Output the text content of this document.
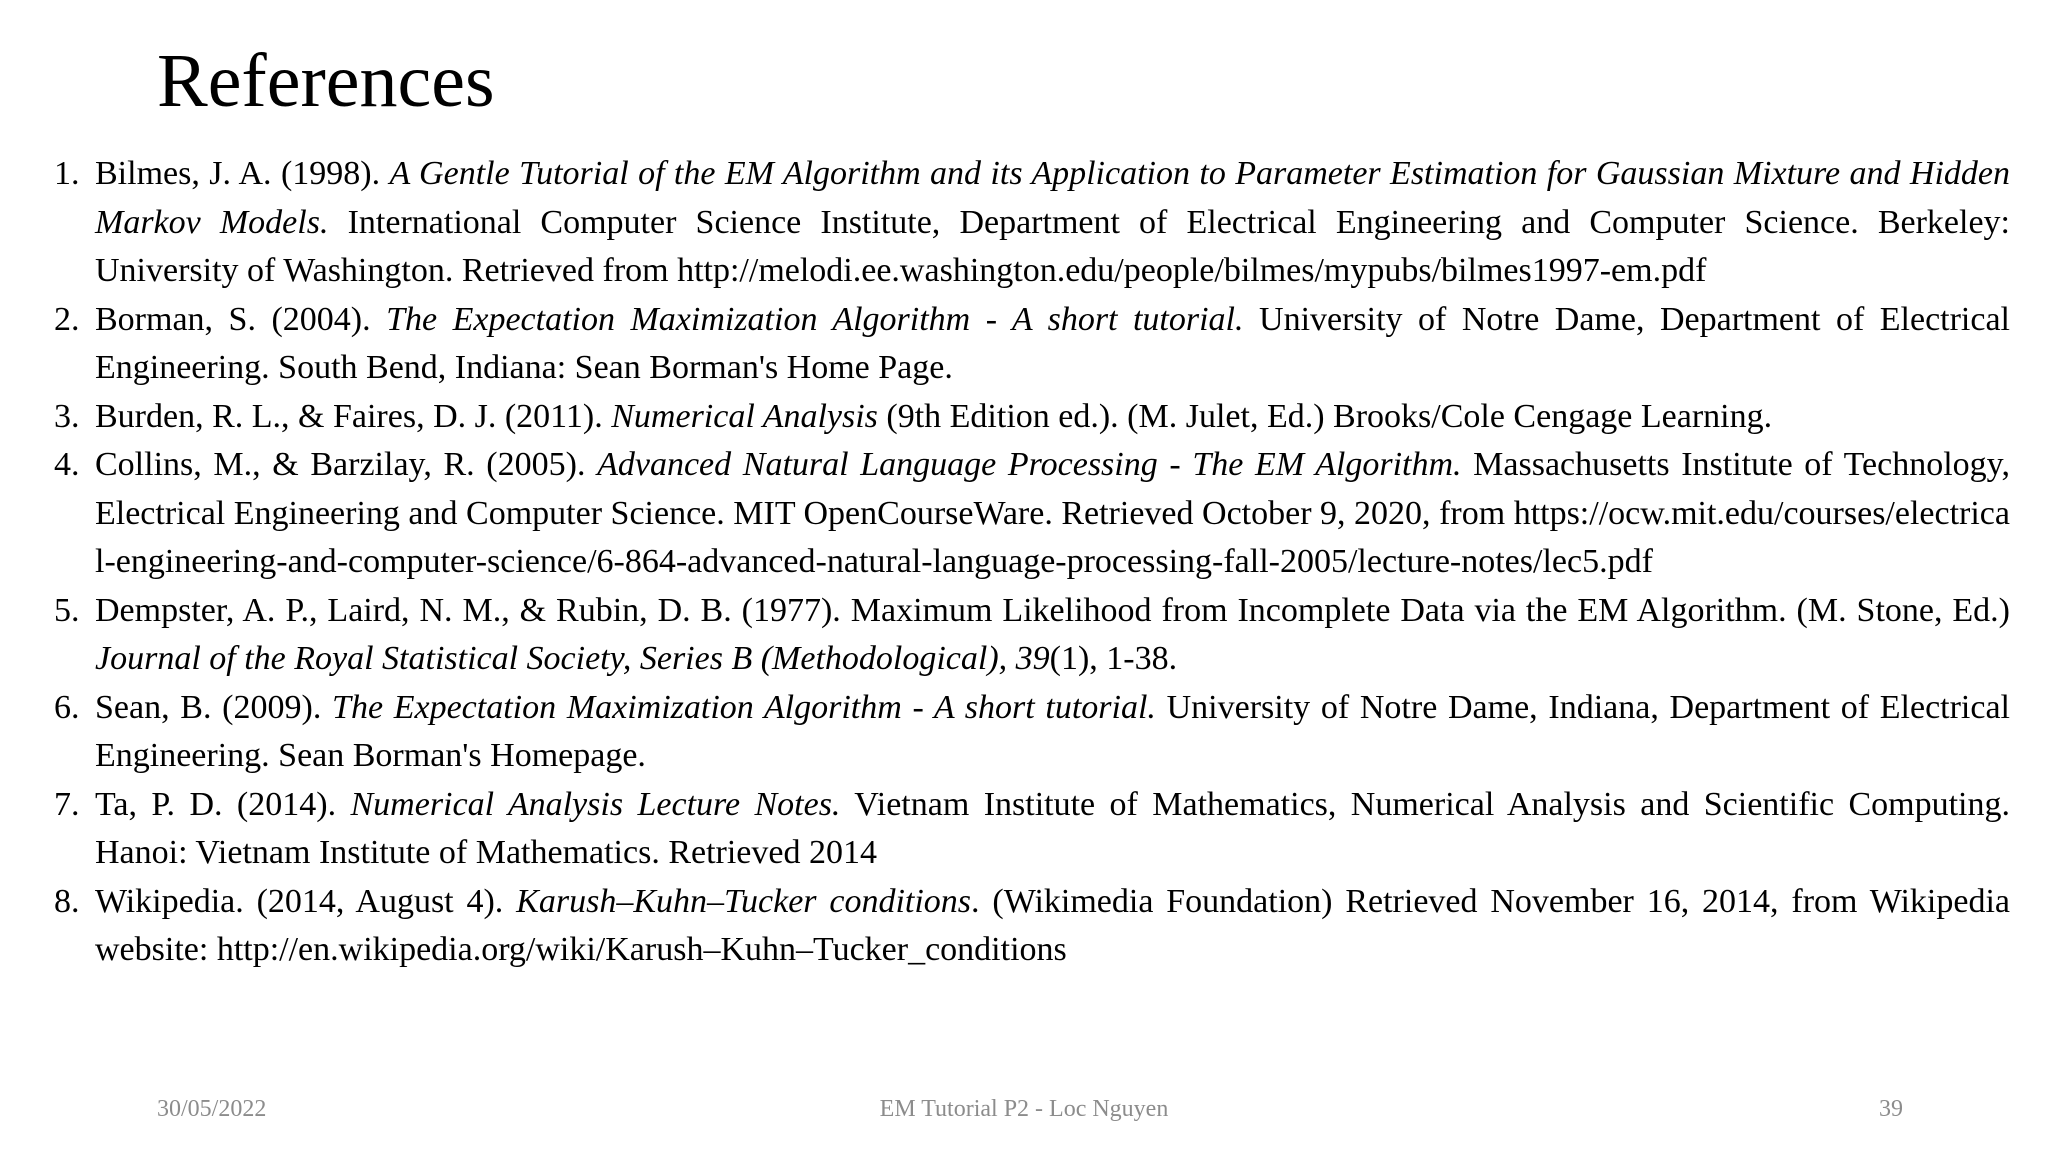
References
1. Bilmes, J. A. (1998). A Gentle Tutorial of the EM Algorithm and its Application to Parameter Estimation for Gaussian Mixture and Hidden Markov Models. International Computer Science Institute, Department of Electrical Engineering and Computer Science. Berkeley: University of Washington. Retrieved from http://melodi.ee.washington.edu/people/bilmes/mypubs/bilmes1997-em.pdf
2. Borman, S. (2004). The Expectation Maximization Algorithm - A short tutorial. University of Notre Dame, Department of Electrical Engineering. South Bend, Indiana: Sean Borman's Home Page.
3. Burden, R. L., & Faires, D. J. (2011). Numerical Analysis (9th Edition ed.). (M. Julet, Ed.) Brooks/Cole Cengage Learning.
4. Collins, M., & Barzilay, R. (2005). Advanced Natural Language Processing - The EM Algorithm. Massachusetts Institute of Technology, Electrical Engineering and Computer Science. MIT OpenCourseWare. Retrieved October 9, 2020, from https://ocw.mit.edu/courses/electrical-engineering-and-computer-science/6-864-advanced-natural-language-processing-fall-2005/lecture-notes/lec5.pdf
5. Dempster, A. P., Laird, N. M., & Rubin, D. B. (1977). Maximum Likelihood from Incomplete Data via the EM Algorithm. (M. Stone, Ed.) Journal of the Royal Statistical Society, Series B (Methodological), 39(1), 1-38.
6. Sean, B. (2009). The Expectation Maximization Algorithm - A short tutorial. University of Notre Dame, Indiana, Department of Electrical Engineering. Sean Borman's Homepage.
7. Ta, P. D. (2014). Numerical Analysis Lecture Notes. Vietnam Institute of Mathematics, Numerical Analysis and Scientific Computing. Hanoi: Vietnam Institute of Mathematics. Retrieved 2014
8. Wikipedia. (2014, August 4). Karush–Kuhn–Tucker conditions. (Wikimedia Foundation) Retrieved November 16, 2014, from Wikipedia website: http://en.wikipedia.org/wiki/Karush–Kuhn–Tucker_conditions
30/05/2022	EM Tutorial P2 - Loc Nguyen	39
